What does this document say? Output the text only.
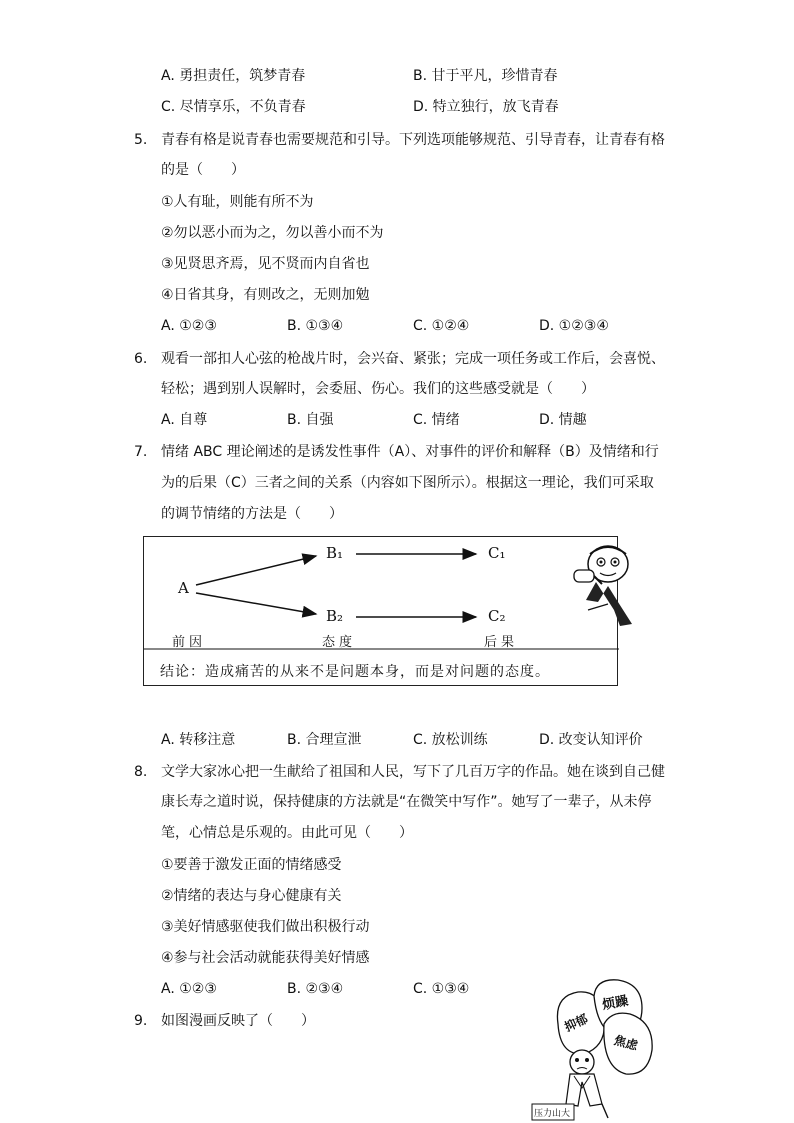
A. 勇担责任，筑梦青春	B. 甘于平凡，珍惜青春
C. 尽情享乐，不负青春	D. 特立独行，放飞青春
5. 青春有格是说青春也需要规范和引导。下列选项能够规范、引导青春，让青春有格
的是（　　）
①人有耻，则能有所不为
②勿以恶小而为之，勿以善小而不为
③见贤思齐焉，见不贤而内自省也
④日省其身，有则改之，无则加勉
A. ①②③	B. ①③④	C. ①②④	D. ①②③④
6. 观看一部扣人心弦的枪战片时，会兴奋、紧张；完成一项任务或工作后，会喜悦、
轻松；遇到别人误解时，会委屈、伤心。我们的这些感受就是（　　）
A. 自尊	B. 自强	C. 情绪	D. 情趣
7. 情绪 ABC 理论阐述的是诱发性事件（A）、对事件的评价和解释（B）及情绪和行
为的后果（C）三者之间的关系（内容如下图所示）。根据这一理论，我们可采取
的调节情绪的方法是（　　）
A
B₁
B₂
C₁
C₂
前因	态度	后果
结论：造成痛苦的从来不是问题本身，而是对问题的态度。
A. 转移注意	B. 合理宣泄	C. 放松训练	D. 改变认知评价
8. 文学大家冰心把一生献给了祖国和人民，写下了几百万字的作品。她在谈到自己健
康长寿之道时说，保持健康的方法就是“在微笑中写作”。她写了一辈子，从未停
笔，心情总是乐观的。由此可见（　　）
①要善于激发正面的情绪感受
②情绪的表达与身心健康有关
③美好情感驱使我们做出积极行动
④参与社会活动就能获得美好情感
A. ①②③	B. ②③④	C. ①③④
9. 如图漫画反映了（　　）	抑郁
烦躁
焦虑
压力山大
